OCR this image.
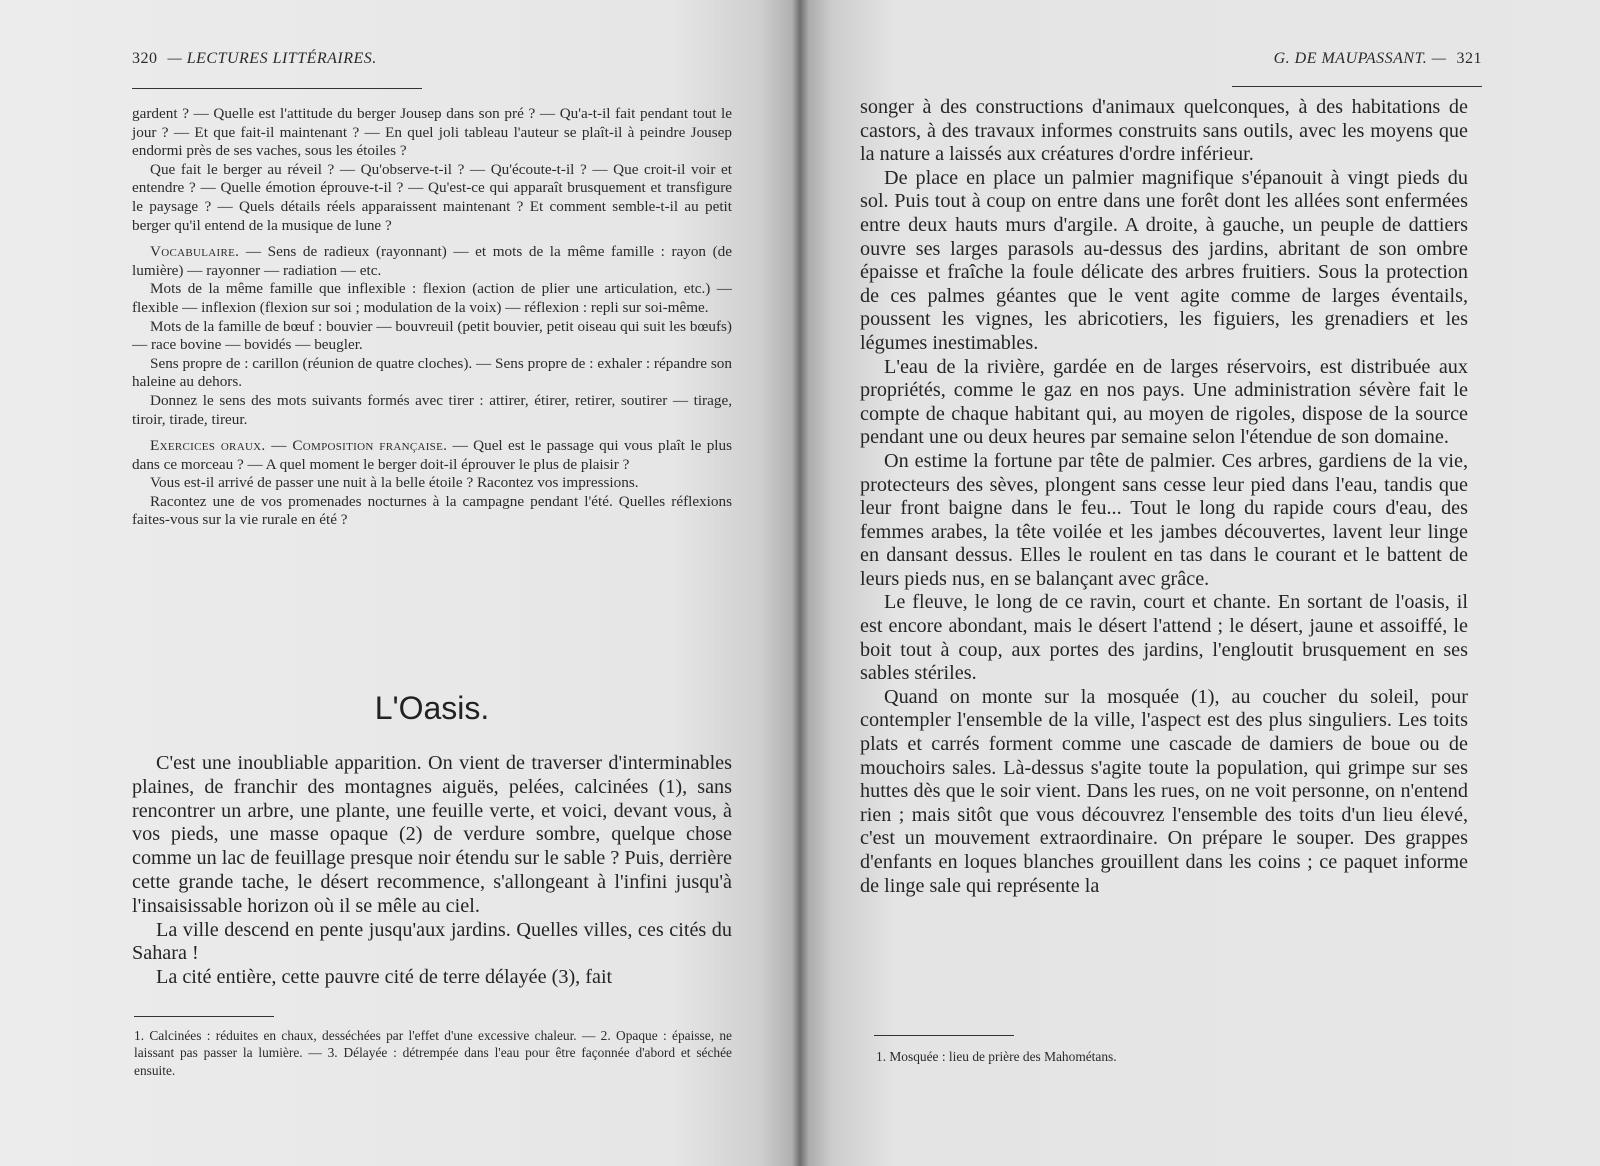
320 — LECTURES LITTÉRAIRES.

gardent ? — Quelle est l'attitude du berger Jousep dans son pré ? — Qu'a-t-il fait pendant tout le jour ? — Et que fait-il maintenant ? — En quel joli tableau l'auteur se plaît-il à peindre Jousep endormi près de ses vaches, sous les étoiles ?

Que fait le berger au réveil ? — Qu'observe-t-il ? — Qu'écoute-t-il ? — Que croit-il voir et entendre ? — Quelle émotion éprouve-t-il ? — Qu'est-ce qui apparaît brusquement et transfigure le paysage ? — Quels détails réels apparaissent maintenant ? Et comment semble-t-il au petit berger qu'il entend de la musique de lune ?

Vocabulaire. — Sens de radieux (rayonnant) — et mots de la même famille : rayon (de lumière) — rayonner — radiation — etc.

Mots de la même famille que inflexible : flexion (action de plier une articulation, etc.) — flexible — inflexion (flexion sur soi ; modulation de la voix) — réflexion : repli sur soi-même.

Mots de la famille de bœuf : bouvier — bouvreuil (petit bouvier, petit oiseau qui suit les bœufs) — race bovine — bovidés — beugler.

Sens propre de : carillon (réunion de quatre cloches). — Sens propre de : exhaler : répandre son haleine au dehors.

Donnez le sens des mots suivants formés avec tirer : attirer, étirer, retirer, soutirer — tirage, tiroir, tirade, tireur.

Exercices oraux. — Composition française. — Quel est le passage qui vous plaît le plus dans ce morceau ? — A quel moment le berger doit-il éprouver le plus de plaisir ?

Vous est-il arrivé de passer une nuit à la belle étoile ? Racontez vos impressions.

Racontez une de vos promenades nocturnes à la campagne pendant l'été. Quelles réflexions faites-vous sur la vie rurale en été ?

L'Oasis.

C'est une inoubliable apparition. On vient de traverser d'interminables plaines, de franchir des montagnes aiguës, pelées, calcinées (1), sans rencontrer un arbre, une plante, une feuille verte, et voici, devant vous, à vos pieds, une masse opaque (2) de verdure sombre, quelque chose comme un lac de feuillage presque noir étendu sur le sable ? Puis, derrière cette grande tache, le désert recommence, s'allongeant à l'infini jusqu'à l'insaisissable horizon où il se mêle au ciel.

La ville descend en pente jusqu'aux jardins. Quelles villes, ces cités du Sahara !

La cité entière, cette pauvre cité de terre délayée (3), fait

1. Calcinées : réduites en chaux, desséchées par l'effet d'une excessive chaleur. — 2. Opaque : épaisse, ne laissant pas passer la lumière. — 3. Délayée : détrempée dans l'eau pour être façonnée d'abord et séchée ensuite.

G. DE MAUPASSANT. — 321

songer à des constructions d'animaux quelconques, à des habitations de castors, à des travaux informes construits sans outils, avec les moyens que la nature a laissés aux créatures d'ordre inférieur.

De place en place un palmier magnifique s'épanouit à vingt pieds du sol. Puis tout à coup on entre dans une forêt dont les allées sont enfermées entre deux hauts murs d'argile. A droite, à gauche, un peuple de dattiers ouvre ses larges parasols au-dessus des jardins, abritant de son ombre épaisse et fraîche la foule délicate des arbres fruitiers. Sous la protection de ces palmes géantes que le vent agite comme de larges éventails, poussent les vignes, les abricotiers, les figuiers, les grenadiers et les légumes inestimables.

L'eau de la rivière, gardée en de larges réservoirs, est distribuée aux propriétés, comme le gaz en nos pays. Une administration sévère fait le compte de chaque habitant qui, au moyen de rigoles, dispose de la source pendant une ou deux heures par semaine selon l'étendue de son domaine.

On estime la fortune par tête de palmier. Ces arbres, gardiens de la vie, protecteurs des sèves, plongent sans cesse leur pied dans l'eau, tandis que leur front baigne dans le feu... Tout le long du rapide cours d'eau, des femmes arabes, la tête voilée et les jambes découvertes, lavent leur linge en dansant dessus. Elles le roulent en tas dans le courant et le battent de leurs pieds nus, en se balançant avec grâce.

Le fleuve, le long de ce ravin, court et chante. En sortant de l'oasis, il est encore abondant, mais le désert l'attend ; le désert, jaune et assoiffé, le boit tout à coup, aux portes des jardins, l'engloutit brusquement en ses sables stériles.

Quand on monte sur la mosquée (1), au coucher du soleil, pour contempler l'ensemble de la ville, l'aspect est des plus singuliers. Les toits plats et carrés forment comme une cascade de damiers de boue ou de mouchoirs sales. Là-dessus s'agite toute la population, qui grimpe sur ses huttes dès que le soir vient. Dans les rues, on ne voit personne, on n'entend rien ; mais sitôt que vous découvrez l'ensemble des toits d'un lieu élevé, c'est un mouvement extraordinaire. On prépare le souper. Des grappes d'enfants en loques blanches grouillent dans les coins ; ce paquet informe de linge sale qui représente la

1. Mosquée : lieu de prière des Mahométans.
